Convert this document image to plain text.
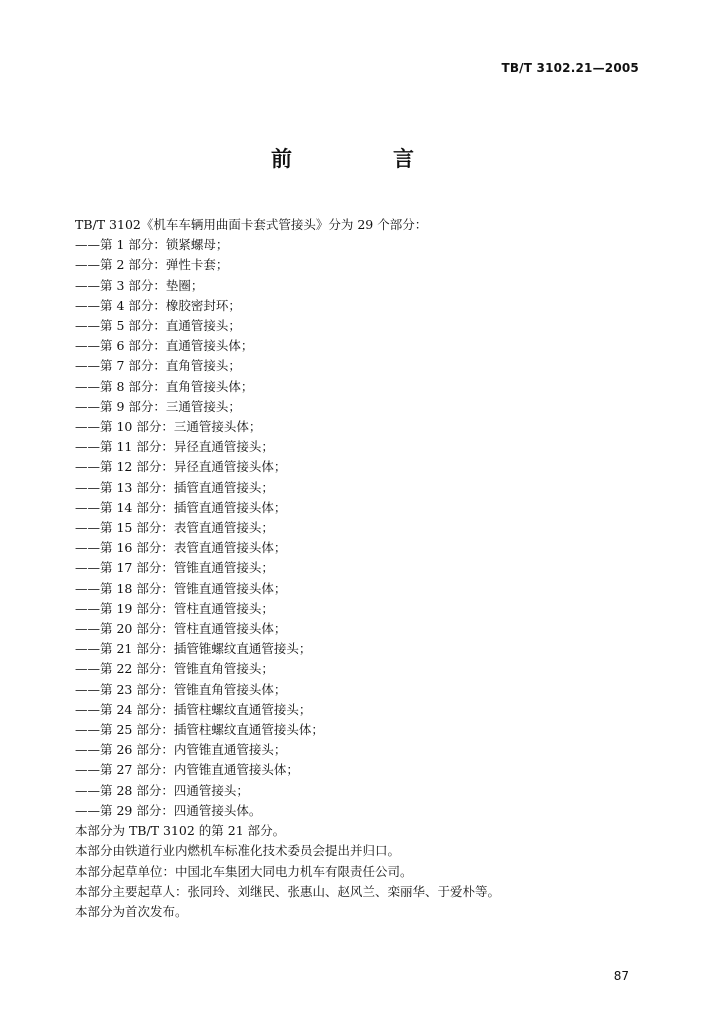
TB/T 3102.21—2005
前　言
TB/T 3102《机车车辆用曲面卡套式管接头》分为 29 个部分：
——第 1 部分：锁紧螺母；
——第 2 部分：弹性卡套；
——第 3 部分：垫圈；
——第 4 部分：橡胶密封环；
——第 5 部分：直通管接头；
——第 6 部分：直通管接头体；
——第 7 部分：直角管接头；
——第 8 部分：直角管接头体；
——第 9 部分：三通管接头；
——第 10 部分：三通管接头体；
——第 11 部分：异径直通管接头；
——第 12 部分：异径直通管接头体；
——第 13 部分：插管直通管接头；
——第 14 部分：插管直通管接头体；
——第 15 部分：表管直通管接头；
——第 16 部分：表管直通管接头体；
——第 17 部分：管锥直通管接头；
——第 18 部分：管锥直通管接头体；
——第 19 部分：管柱直通管接头；
——第 20 部分：管柱直通管接头体；
——第 21 部分：插管锥螺纹直通管接头；
——第 22 部分：管锥直角管接头；
——第 23 部分：管锥直角管接头体；
——第 24 部分：插管柱螺纹直通管接头；
——第 25 部分：插管柱螺纹直通管接头体；
——第 26 部分：内管锥直通管接头；
——第 27 部分：内管锥直通管接头体；
——第 28 部分：四通管接头；
——第 29 部分：四通管接头体。
本部分为 TB/T 3102 的第 21 部分。
本部分由铁道行业内燃机车标准化技术委员会提出并归口。
本部分起草单位：中国北车集团大同电力机车有限责任公司。
本部分主要起草人：张同玲、刘继民、张惠山、赵风兰、栾丽华、于爱朴等。
本部分为首次发布。
87
